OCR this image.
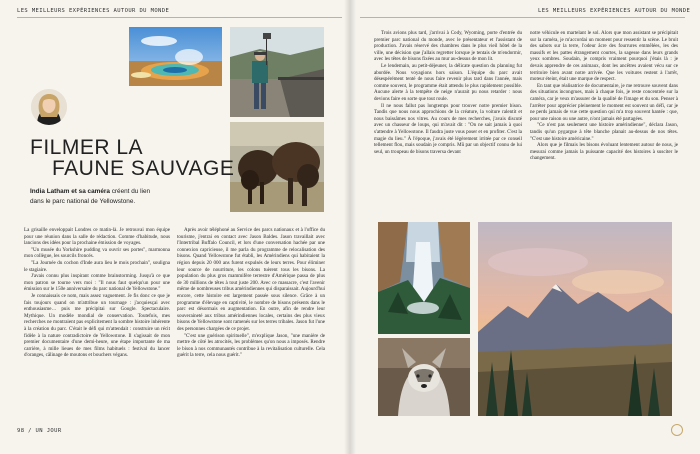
LES MEILLEURS EXPÉRIENCES AUTOUR DU MONDE
FILMER LA
FAUNE SAUVAGE
India Latham et sa caméra créent du lien
dans le parc national de Yellowstone.

La grisaille enveloppait Londres ce matin-là. Je retrouvai mon équipe pour une réunion dans la salle de rédaction. Comme d'habitude, nous lancions des idées pour la prochaine émission de voyages.

"Un musée du Yorkshire pudding va ouvrir ses portes", marmonna mon collègue, les sourcils froncés.

"La Journée du cochon d'Inde aura lieu le mois prochain", souligna le stagiaire.

J'avais connu plus inspirant comme brainstorming. Jusqu'à ce que mon patron se tourne vers moi : "Il nous faut quelqu'un pour une émission sur le 150e anniversaire du parc national de Yellowstone."

Je connaissais ce nom, mais assez vaguement. Je fis donc ce que je fais toujours quand on m'attribue un tournage : j'acquiesçai avec enthousiasme… puis me précipitai sur Google. Spectaculaire. Mythique. Un modèle mondial de conservation. Toutefois, mes recherches ne montraient pas explicitement la sombre histoire inhérente à la création du parc. C'était le défi qui m'attendait : construire un récit fidèle à la nature contradictoire de Yellowstone. Il s'agissait de mon premier documentaire d'une demi-heure, une étape importante de ma carrière, à mille lieues de mes films habituels : festival du lancer d'oranges, câlinage de moutons et bouchers végans.

Après avoir téléphoné au Service des parcs nationaux et à l'office du tourisme, j'entrai en contact avec Jason Baldes. Jason travaillait avec l'Intertribal Buffalo Council, et lors d'une conversation hachée par une connexion capricieuse, il me parla du programme de relocalisation des bisons. Quand Yellowstone fut établi, les Amérindiens qui habitaient la région depuis 20 000 ans furent expulsés de leurs terres. Pour éliminer leur source de nourriture, les colons tuèrent tous les bisons. La population du plus gros mammifère terrestre d'Amérique passa de plus de 30 millions de têtes à tout juste 200. Avec ce massacre, c'est l'avenir même de nombreuses tribus amérindiennes qui disparaissait. Aujourd'hui encore, cette histoire est largement passée sous silence. Grâce à un programme d'élevage en captivité, le nombre de bisons présents dans le parc est désormais en augmentation. En outre, afin de rendre leur souveraineté aux tribus amérindiennes locales, certains des plus vieux bisons de Yellowstone sont ramenés sur les terres tribales. Jason fut l'une des personnes chargées de ce projet.

"C'est une guérison spirituelle", m'explique Jason, "une manière de mettre de côté les atrocités, les problèmes qu'on nous a imposés. Rendre le bison à nos communautés contribue à la revitalisation culturelle. Cela guérit la terre, cela nous guérit."

98 / UN JOUR
LES MEILLEURS EXPÉRIENCES AUTOUR DU MONDE

Trois avions plus tard, j'arrivai à Cody, Wyoming, porte d'entrée du premier parc national du monde, avec le présentateur et l'assistant de production. J'avais réservé des chambres dans le plus vieil hôtel de la ville, une décision que j'allais regretter lorsque je tentais de m'endormir, avec les têtes de bisons fixées au mur au-dessus de mon lit.

Le lendemain, au petit-déjeuner, la délicate question du planning fut abordée. Nous voyagions hors saison. L'équipe du parc avait désespérément tenté de nous faire revenir plus tard dans l'année, mais comme souvent, le programme était attendu le plus rapidement possible. Aucune alerte à la tempête de neige n'aurait pu nous retarder : nous devions faire en sorte que tout roule.

Il ne nous fallut pas longtemps pour trouver notre premier bison. Tandis que nous nous approchions de la créature, la voiture ralentit et nous baissâmes nos vitres. Au cours de mes recherches, j'avais discuté avec un chasseur de loups, qui m'avait dit : "On ne sait jamais à quoi s'attendre à Yellowstone. Il faudra juste vous poser et en profiter. C'est la magie du lieu." À l'époque, j'avais été légèrement irritée par ce conseil tellement flou, mais soudain je compris. Mû par un objectif connu de lui seul, un troupeau de bisons traversa devant

notre véhicule en martelant le sol. Alors que mon assistant se précipitait sur la caméra, je m'accordai un moment pour ressentir la scène. Le bruit des sabots sur la terre, l'odeur âcre des fourrures emmêlées, les des massifs et les pattes étrangement courtes, la sagesse dans leurs grands yeux sombres. Soudain, je compris vraiment pourquoi j'étais là : je devais apprendre de ces animaux, dont les ancêtres avaient vécu sur ce territoire bien avant notre arrivée. Que les voitures restent à l'arrêt, moteur éteint, était une marque de respect.

En tant que réalisatrice de documentaire, je me retrouve souvent dans des situations incongrues, mais à chaque fois, je reste concentrée sur la caméra, car je veux m'assurer de la qualité de l'image et du son. Penser à l'arrêter pour apprécier pleinement le moment est souvent un défi, car je ne perds jamais de vue cette question qui m'a trop souvent hantée : que, pour une raison ou une autre, n'ont jamais été partagées.

"Ce n'est pas seulement une histoire amérindienne", déclara Jason, tandis qu'un pygargue à tête blanche planait au-dessus de nos têtes. "C'est une histoire américaine."

Alors que je filmais les bisons évoluant lentement autour de nous, je mesurai comme jamais la puissante capacité des histoires à susciter le changement.
